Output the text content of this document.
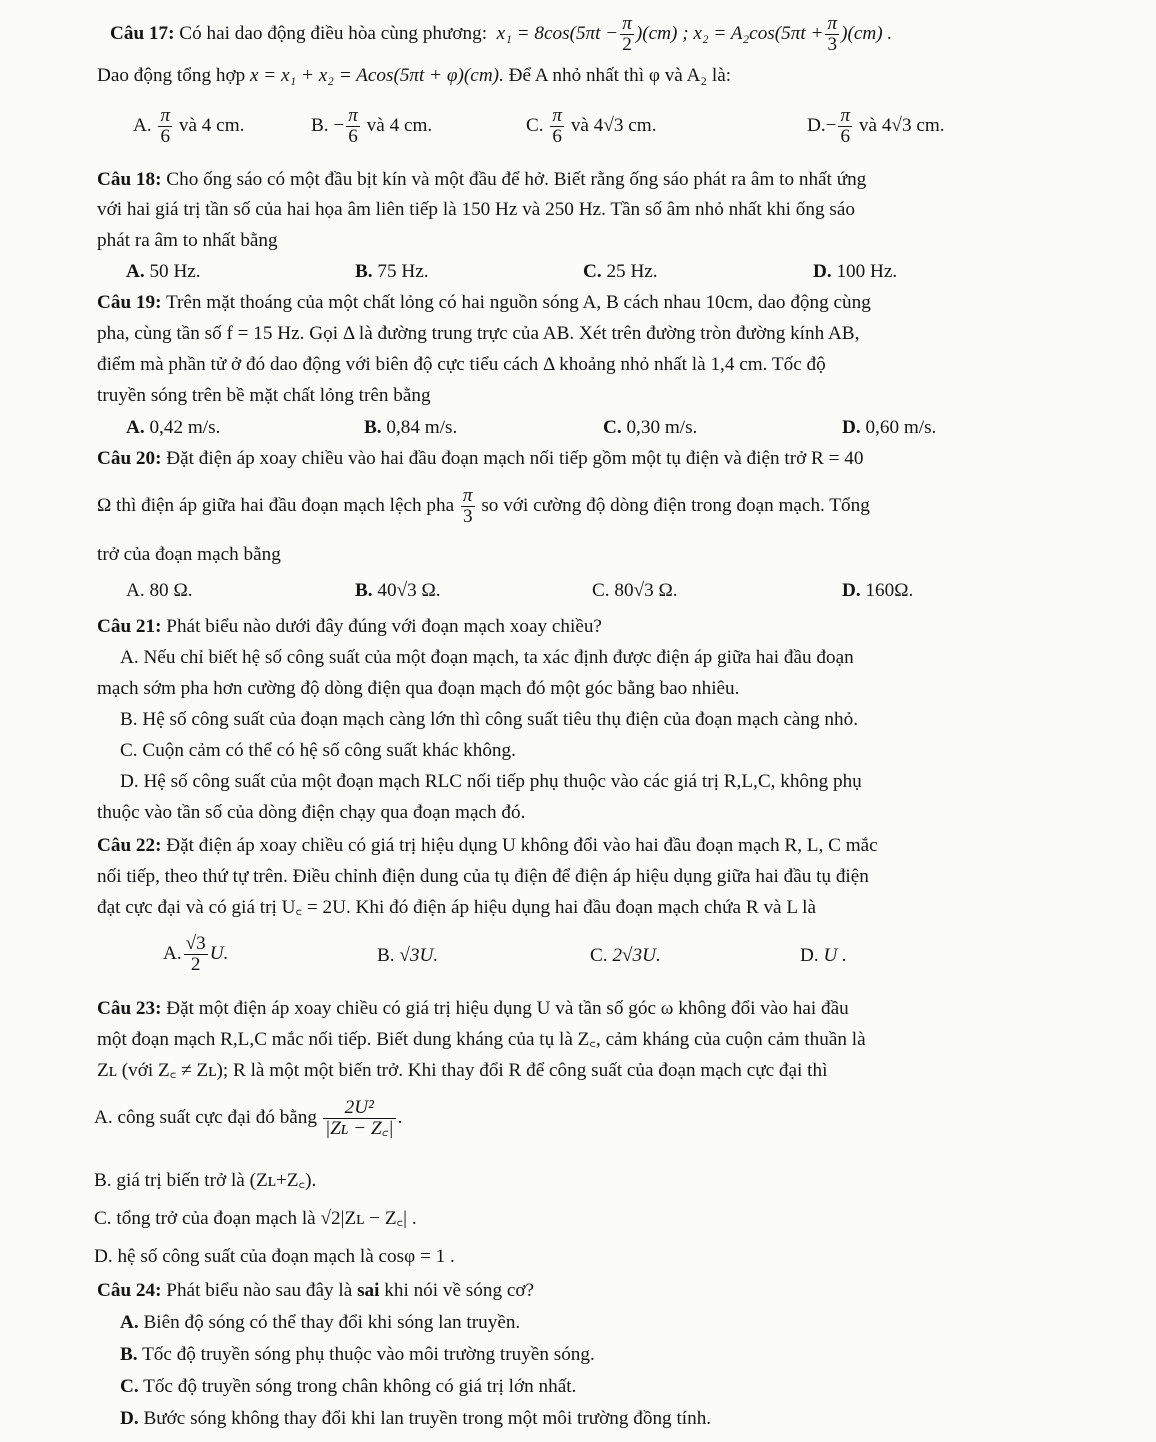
Câu 17: Có hai dao động điều hòa cùng phương: $x_1 = 8\cos(5\pi t - \frac{\pi}{2} )(cm)$ ; $x_2 = A_2\cos(5\pi t + \frac{\pi}{3} )(cm)$ .
Dao động tổng hợp x = x₁ + x₂ = Acos(5πt + φ)(cm). Để A nhỏ nhất thì φ và A₂ là:
A. $\frac{\pi}{6}$ và 4 cm.	B. − $\frac{\pi}{6}$ và 4 cm.	C. $\frac{\pi}{6}$ và 4√3 cm.	$D.- \frac{\pi}{6}$ và 4√3 cm.
Câu 18: Cho ống sáo có một đầu bịt kín và một đầu để hở. Biết rằng ống sáo phát ra âm to nhất ứng
với hai giá trị tần số của hai họa âm liên tiếp là 150 Hz và 250 Hz. Tần số âm nhỏ nhất khi ống sáo
phát ra âm to nhất bằng
A. 50 Hz.	B. 75 Hz.	C. 25 Hz.	D. 100 Hz.
Câu 19: Trên mặt thoáng của một chất lỏng có hai nguồn sóng A, B cách nhau 10cm, dao động cùng
pha, cùng tần số f = 15 Hz. Gọi Δ là đường trung trực của AB. Xét trên đường tròn đường kính AB,
điểm mà phần tử ở đó dao động với biên độ cực tiểu cách Δ khoảng nhỏ nhất là 1,4 cm. Tốc độ
truyền sóng trên bề mặt chất lỏng trên bằng
A. 0,42 m/s.	B. 0,84 m/s.	C. 0,30 m/s.	D. 0,60 m/s.
Câu 20: Đặt điện áp xoay chiều vào hai đầu đoạn mạch nối tiếp gồm một tụ điện và điện trở R = 40
Ω thì điện áp giữa hai đầu đoạn mạch lệch pha $\frac{\pi}{3}$ so với cường độ dòng điện trong đoạn mạch. Tổng
trở của đoạn mạch bằng
A. 80 Ω.	B. 40√3 Ω.	C. 80√3 Ω.	D. 160Ω.
Câu 21: Phát biểu nào dưới đây đúng với đoạn mạch xoay chiều?
A. Nếu chỉ biết hệ số công suất của một đoạn mạch, ta xác định được điện áp giữa hai đầu đoạn
mạch sớm pha hơn cường độ dòng điện qua đoạn mạch đó một góc bằng bao nhiêu.
B. Hệ số công suất của đoạn mạch càng lớn thì công suất tiêu thụ điện của đoạn mạch càng nhỏ.
C. Cuộn cảm có thể có hệ số công suất khác không.
D. Hệ số công suất của một đoạn mạch RLC nối tiếp phụ thuộc vào các giá trị R,L,C, không phụ
thuộc vào tần số của dòng điện chạy qua đoạn mạch đó.
Câu 22: Đặt điện áp xoay chiều có giá trị hiệu dụng U không đổi vào hai đầu đoạn mạch R, L, C mắc
nối tiếp, theo thứ tự trên. Điều chỉnh điện dung của tụ điện để điện áp hiệu dụng giữa hai đầu tụ điện
đạt cực đại và có giá trị U꜀ = 2U. Khi đó điện áp hiệu dụng hai đầu đoạn mạch chứa R và L là
A. $\frac{√3}{2} U$.	B. √3U.	C. 2√3U.	D. U .
Câu 23: Đặt một điện áp xoay chiều có giá trị hiệu dụng U và tần số góc ω không đổi vào hai đầu
một đoạn mạch R,L,C mắc nối tiếp. Biết dung kháng của tụ là Z꜀, cảm kháng của cuộn cảm thuần là
Zʟ (với Z꜀ ≠ Zʟ); R là một một biến trở. Khi thay đổi R để công suất của đoạn mạch cực đại thì
A. công suất cực đại đó bằng $\frac{\text{2U²}}{\text{|Zʟ − Z꜀|}}$ .
B. giá trị biến trở là (Zʟ+Z꜀).
C. tổng trở của đoạn mạch là √2|Zʟ − Z꜀| .
D. hệ số công suất của đoạn mạch là cosφ = 1 .
Câu 24: Phát biểu nào sau đây là sai khi nói về sóng cơ?
A. Biên độ sóng có thể thay đổi khi sóng lan truyền.
B. Tốc độ truyền sóng phụ thuộc vào môi trường truyền sóng.
C. Tốc độ truyền sóng trong chân không có giá trị lớn nhất.
D. Bước sóng không thay đổi khi lan truyền trong một môi trường đồng tính.
